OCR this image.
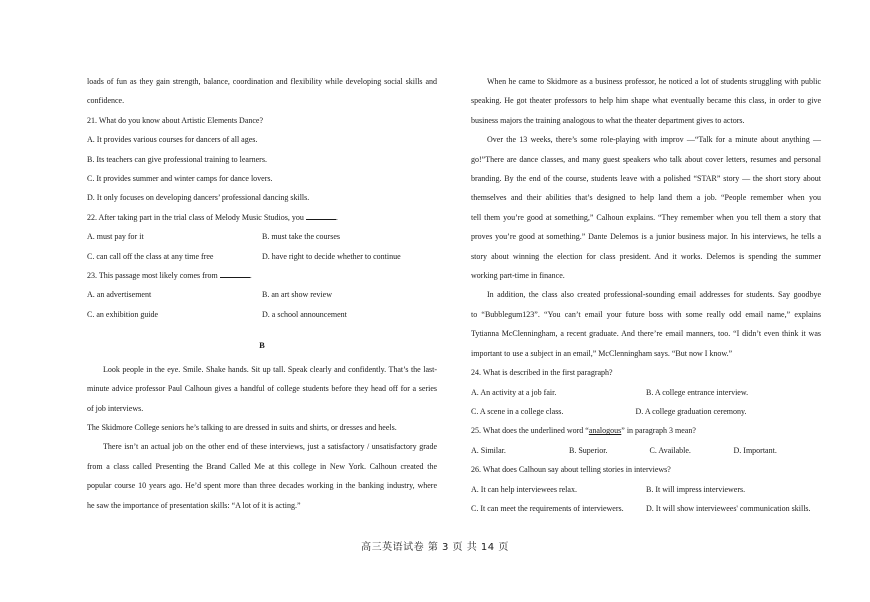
loads of fun as they gain strength, balance, coordination and flexibility while developing social skills and
confidence.
21. What do you know about Artistic Elements Dance?
A. It provides various courses for dancers of all ages.
B. Its teachers can give professional training to learners.
C. It provides summer and winter camps for dance lovers.
D. It only focuses on developing dancers’ professional dancing skills.
22. After taking part in the trial class of Melody Music Studios, you	.
A. must pay for it	B. must take the courses
C. can call off the class at any time free	D. have right to decide whether to continue
23. This passage most likely comes from	.
A. an advertisement	B. an art show review
C. an exhibition guide	D. a school announcement
B
Look people in the eye. Smile. Shake hands. Sit up tall. Speak clearly and confidently. That’s the last-
minute advice professor Paul Calhoun gives a handful of college students before they head off for a series
of job interviews.
The Skidmore College seniors he’s talking to are dressed in suits and shirts, or dresses and heels.
There isn’t an actual job on the other end of these interviews, just a satisfactory / unsatisfactory grade
from a class called Presenting the Brand Called Me at this college in New York. Calhoun created the
popular course 10 years ago. He’d spent more than three decades working in the banking industry, where
he saw the importance of presentation skills: “A lot of it is acting.”
When he came to Skidmore as a business professor, he noticed a lot of students struggling with public
speaking. He got theater professors to help him shape what eventually became this class, in order to give
business majors the training analogous to what the theater department gives to actors.
Over the 13 weeks, there’s some role-playing with improv —“Talk for a minute about anything —
go!”There are dance classes, and many guest speakers who talk about cover letters, resumes and personal
branding. By the end of the course, students leave with a polished “STAR” story — the short story about
themselves and their abilities that’s designed to help land them a job. “People remember when you
tell them you’re good at something,” Calhoun explains. “They remember when you tell them a story that
proves you’re good at something.” Dante Delemos is a junior business major. In his interviews, he tells a
story about winning the election for class president. And it works. Delemos is spending the summer
working part-time in finance.
In addition, the class also created professional-sounding email addresses for students. Say goodbye
to “Bubblegum123”. “You can’t email your future boss with some really odd email name,” explains
Tytianna McClenningham, a recent graduate. And there’re email manners, too. “I didn’t even think it was
important to use a subject in an email,” McClenningham says. “But now I know.”
24. What is described in the first paragraph?
A. An activity at a job fair.	B. A college entrance interview.
C. A scene in a college class.	D. A college graduation ceremony.
25. What does the underlined word “analogous” in paragraph 3 mean?
A. Similar.	B. Superior.	C. Available.	D. Important.
26. What does Calhoun say about telling stories in interviews?
A. It can help interviewees relax.	B. It will impress interviewers.
C. It can meet the requirements of interviewers.	D. It will show interviewees' communication skills.
高三英语试卷 第 3 页 共 14 页
